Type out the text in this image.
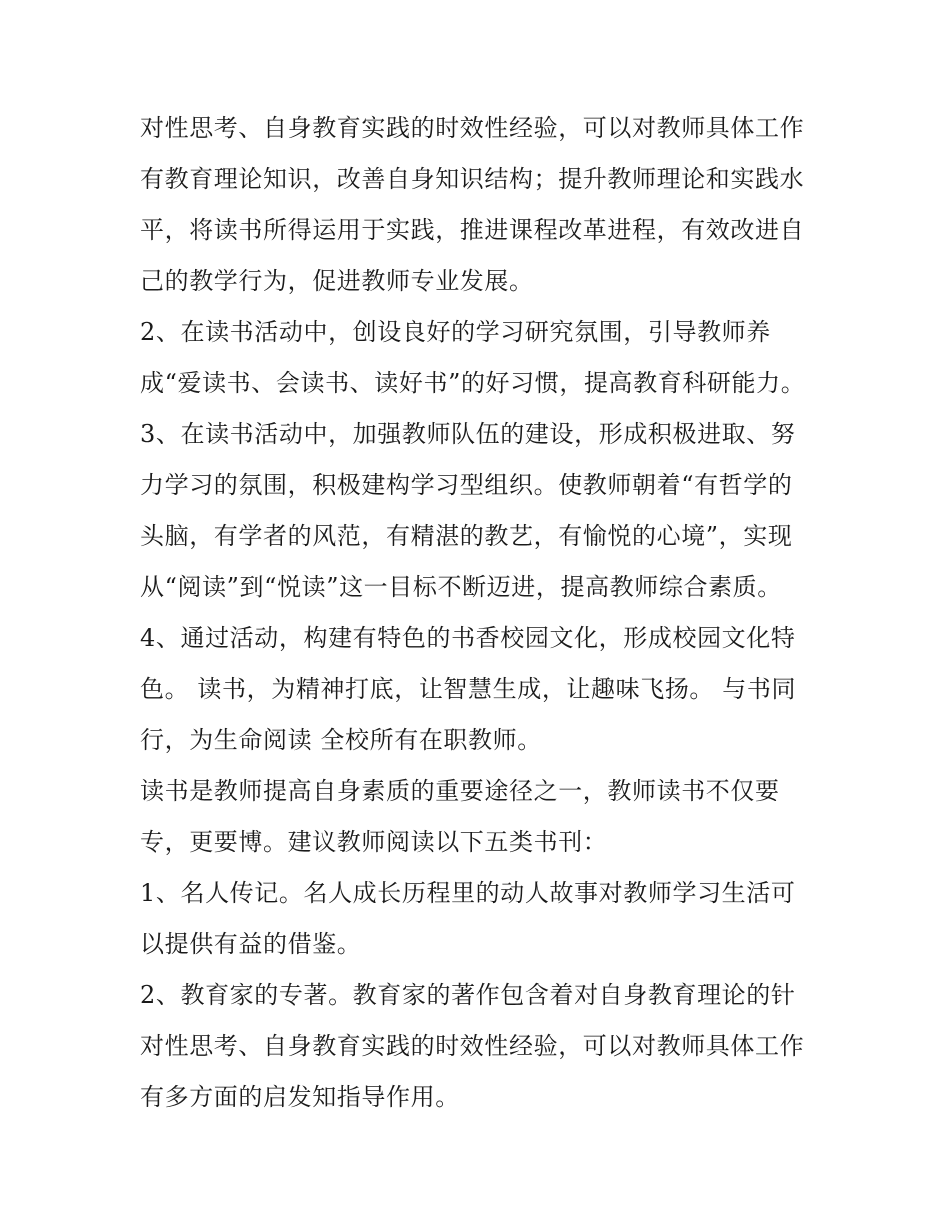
对性思考、自身教育实践的时效性经验，可以对教师具体工作
有教育理论知识，改善自身知识结构；提升教师理论和实践水
平，将读书所得运用于实践，推进课程改革进程，有效改进自
己的教学行为，促进教师专业发展。
2、在读书活动中，创设良好的学习研究氛围，引导教师养
成“爱读书、会读书、读好书”的好习惯，提高教育科研能力。
3、在读书活动中，加强教师队伍的建设，形成积极进取、努
力学习的氛围，积极建构学习型组织。使教师朝着“有哲学的
头脑，有学者的风范，有精湛的教艺，有愉悦的心境”，实现
从“阅读”到“悦读”这一目标不断迈进，提高教师综合素质。
4、通过活动，构建有特色的书香校园文化，形成校园文化特
色。 读书，为精神打底，让智慧生成，让趣味飞扬。 与书同
行，为生命阅读 全校所有在职教师。
读书是教师提高自身素质的重要途径之一，教师读书不仅要
专，更要博。建议教师阅读以下五类书刊：
1、名人传记。名人成长历程里的动人故事对教师学习生活可
以提供有益的借鉴。
2、教育家的专著。教育家的著作包含着对自身教育理论的针
对性思考、自身教育实践的时效性经验，可以对教师具体工作
有多方面的启发知指导作用。
